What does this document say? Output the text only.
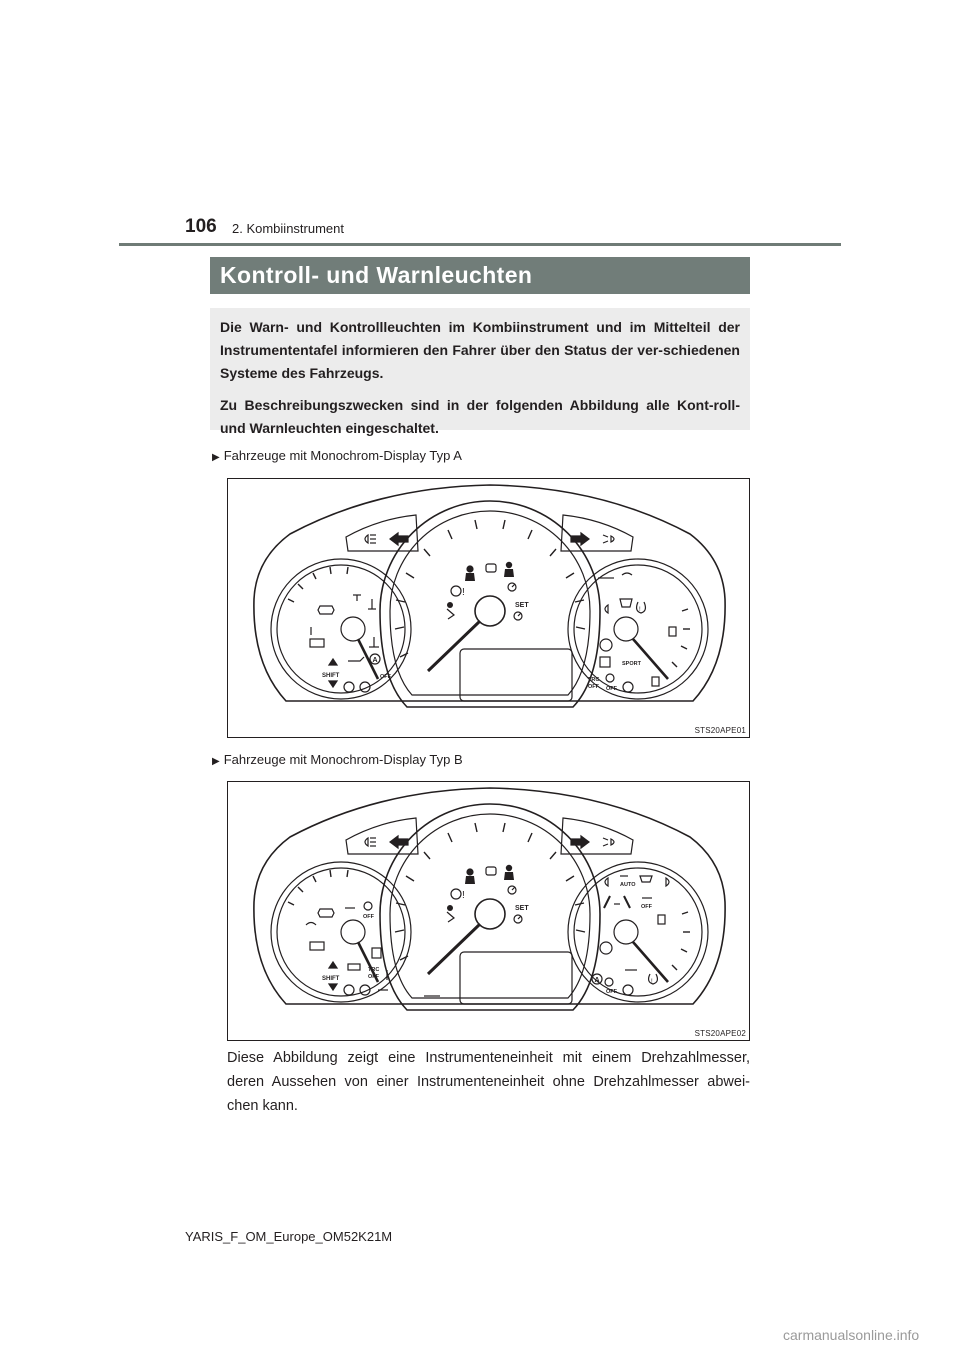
106 2. Kombiinstrument
Kontroll- und Warnleuchten

Die Warn- und Kontrollleuchten im Kombiinstrument und im Mittelteil der Instrumententafel informieren den Fahrer über den Status der ver-schiedenen Systeme des Fahrzeugs.

Zu Beschreibungszwecken sind in der folgenden Abbildung alle Kont-roll- und Warnleuchten eingeschaltet.

▶ Fahrzeuge mit Monochrom-Display Typ A
!
SET
SHIFT
A
OFF
!
SPORT
TRC
OFF OFF
STS20APE01
▶ Fahrzeuge mit Monochrom-Display Typ B
!
SET
OFF
TRC
OFF
SHIFT
AUTO
OFF
A
OFF
!
STS20APE02
Diese Abbildung zeigt eine Instrumenteneinheit mit einem Drehzahlmesser, deren Aussehen von einer Instrumenteneinheit ohne Drehzahlmesser abwei-chen kann.
YARIS_F_OM_Europe_OM52K21M
carmanualsonline.info
